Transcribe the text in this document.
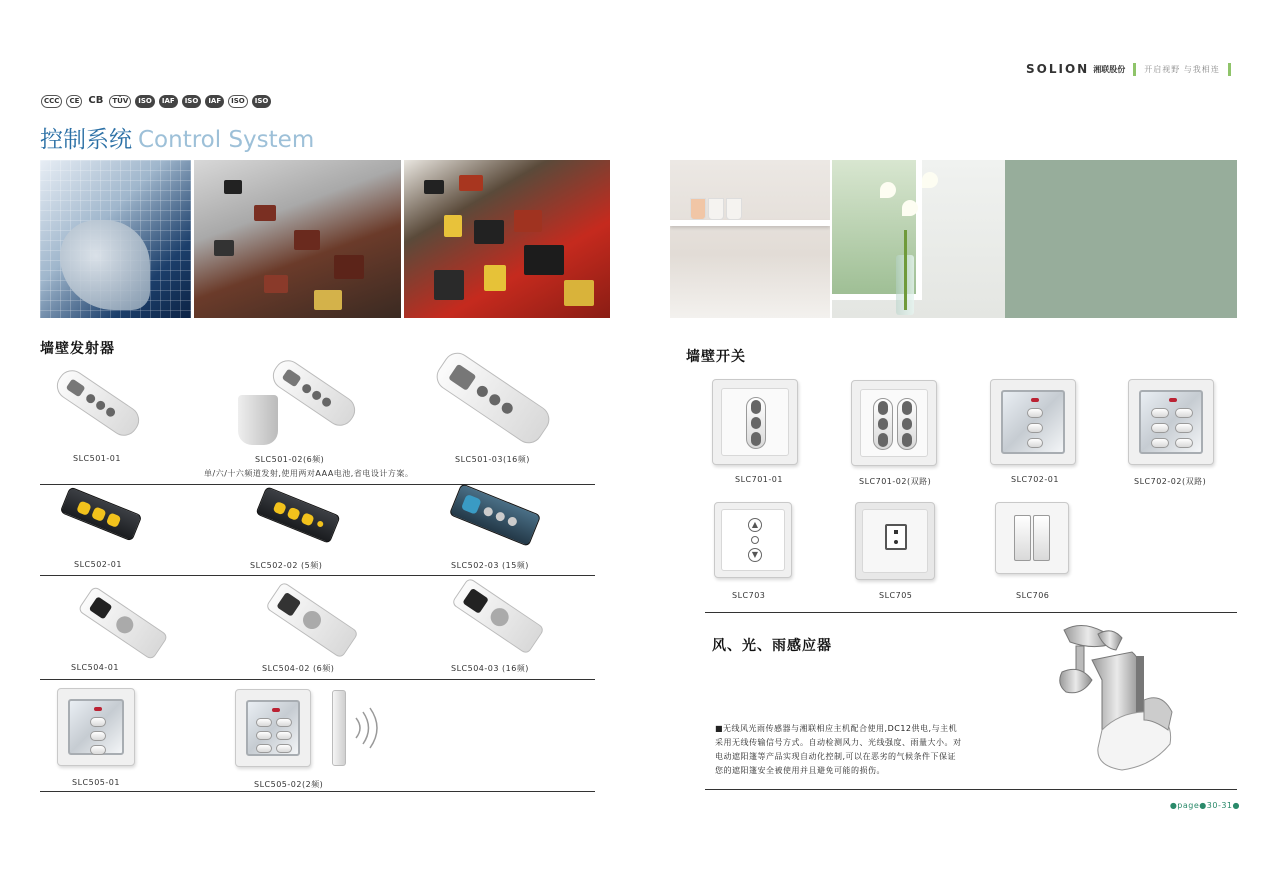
SOLION 湘联股份 开启视野 与我相连
CCC	CE CB	TÜV	ISO	IAF	ISO	IAF	ISO	ISO
控制系统 Control System
墙壁发射器
SLC501-01	SLC501-02(6频)	SLC501-03(16频)
单/六/十六频道发射,使用两对AAA电池,省电设计方案。
SLC502-01	SLC502-02 (5频)	SLC502-03 (15频)
SLC504-01	SLC504-02 (6频)	SLC504-03 (16频)
SLC505-01	SLC505-02(2频)
墙壁开关
SLC701-01	SLC701-02(双路)	SLC702-01	SLC702-02(双路)
▲
▼
SLC703	SLC705	SLC706
风、光、雨感应器
■无线风光雨传感器与湘联相应主机配合使用,DC12供电,与主机
采用无线传输信号方式。自动检测风力、光线强度、雨量大小。对
电动遮阳篷等产品实现自动化控制,可以在恶劣的气候条件下保证
您的遮阳篷安全被使用并且避免可能的损伤。
●page●30-31●
